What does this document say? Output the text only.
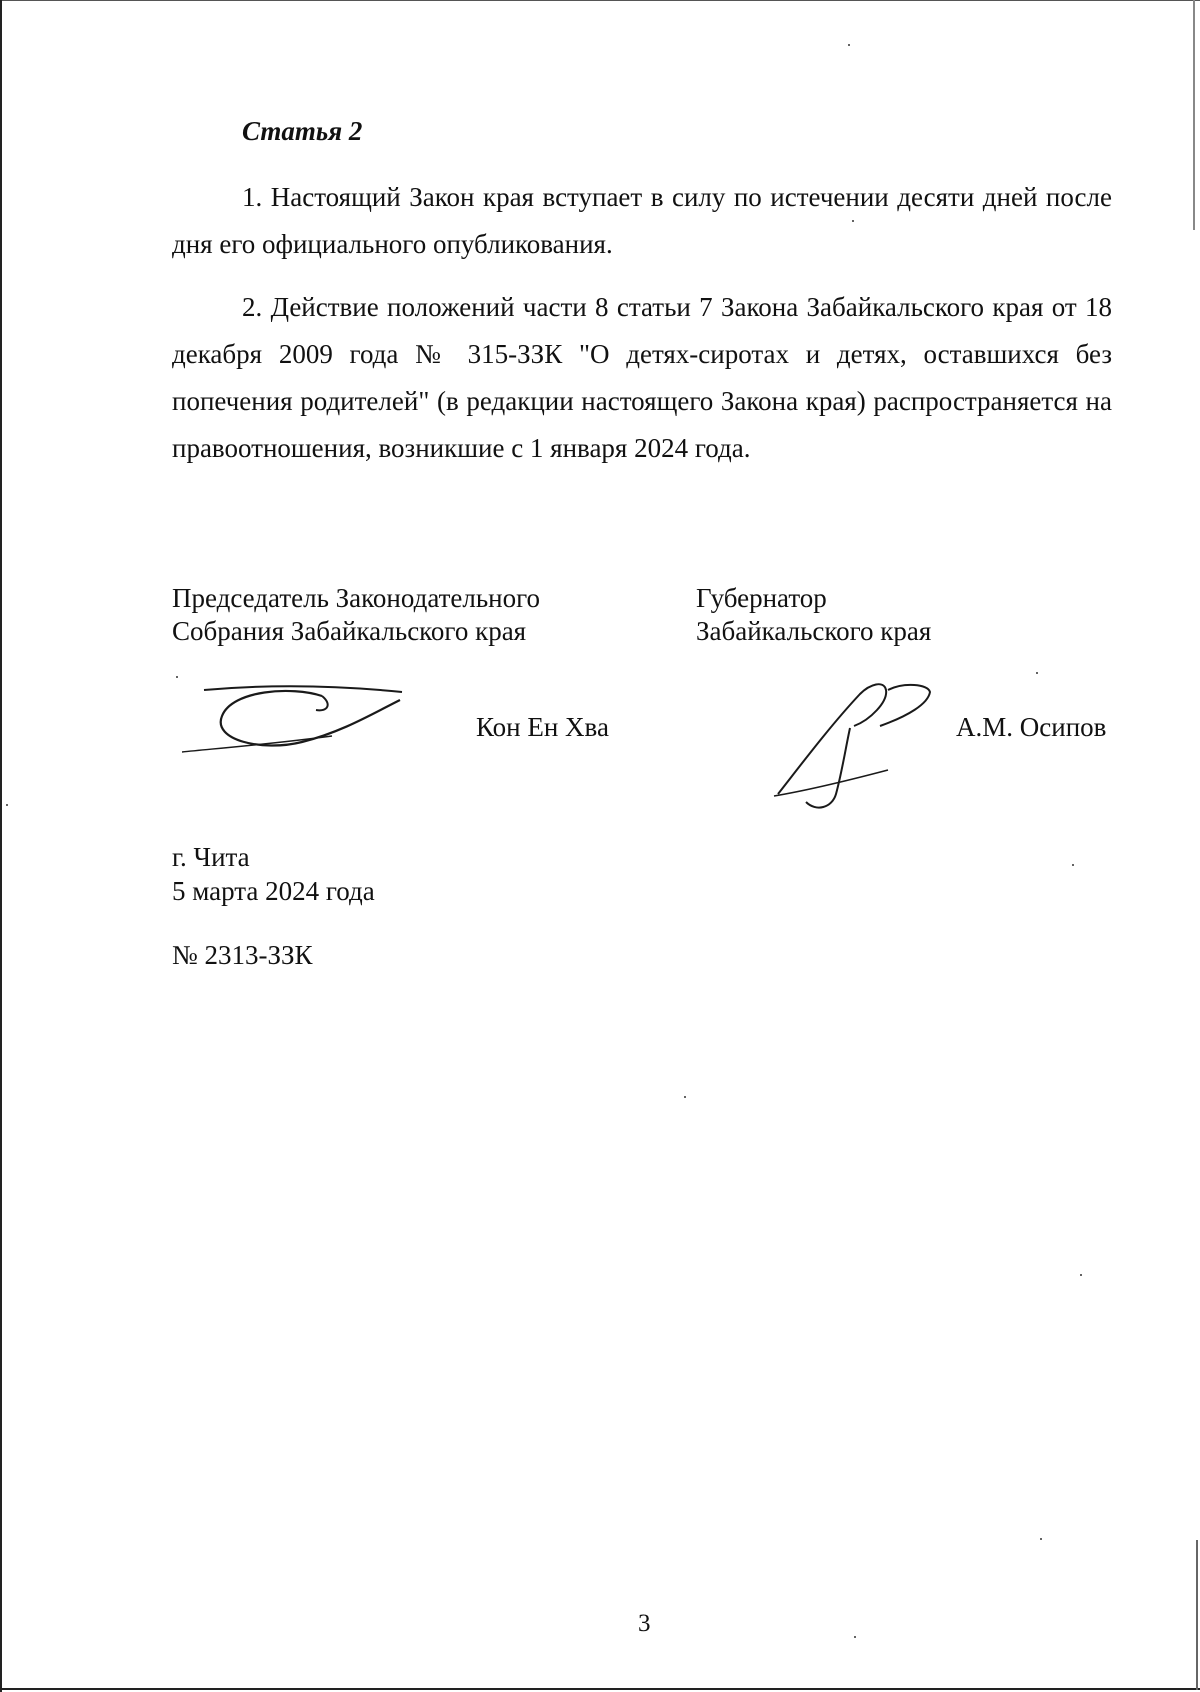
Статья 2

1. Настоящий Закон края вступает в силу по истечении десяти дней после дня его официального опубликования.

2. Действие положений части 8 статьи 7 Закона Забайкальского края от 18 декабря 2009 года № 315-ЗЗК "О детях-сиротах и детях, оставшихся без попечения родителей" (в редакции настоящего Закона края) распространяется на правоотношения, возникшие с 1 января 2024 года.

Председатель Законодательного
Собрания Забайкальского края
Губернатор
Забайкальского края

Кон Ен Хва	А.М. Осипов

г. Чита

5 марта 2024 года

№ 2313-ЗЗК

3
